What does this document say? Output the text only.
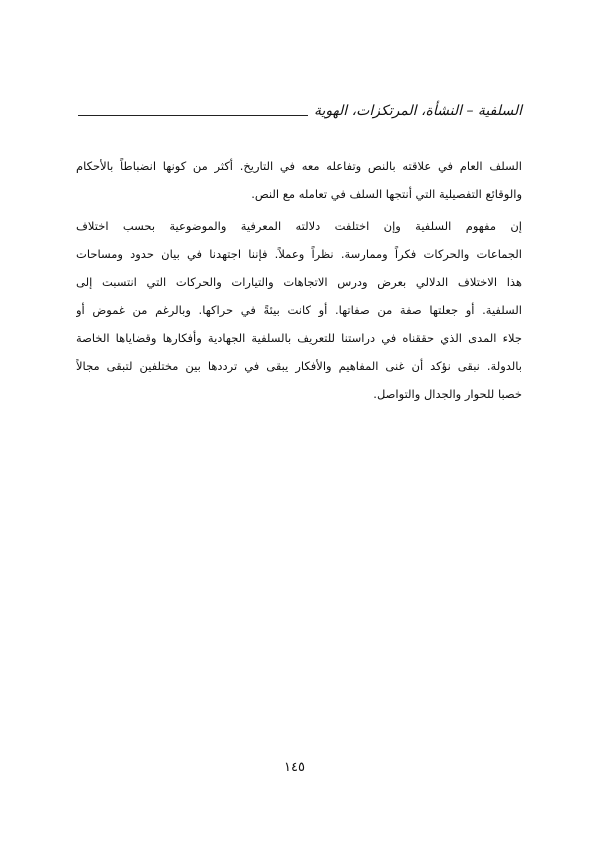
السلفية – النشأة، المرتكزات، الهوية
السلف العام في علاقته بالنص وتفاعله معه في التاريخ. أكثر من كونها انضباطاً بالأحكام
والوقائع التفصيلية التي أنتجها السلف في تعامله مع النص.
إن مفهوم السلفية وإن اختلفت دلالته المعرفية والموضوعية بحسب اختلاف
الجماعات والحركات فكراً وممارسة. نظراً وعملاً. فإننا اجتهدنا في بيان حدود ومساحات
هذا الاختلاف الدلالي بعرض ودرس الاتجاهات والتيارات والحركات التي انتسبت إلى
السلفية. أو جعلتها صفة من صفاتها. أو كانت بيئةً في حراكها. وبالرغم من غموض أو
جلاء المدى الذي حققناه في دراستنا للتعريف بالسلفية الجهادية وأفكارها وقضاياها الخاصة
بالدولة. نبقى نؤكد أن غنى المفاهيم والأفكار يبقى في ترددها بين مختلفين لتبقى مجالاً
خصبا للحوار والجدال والتواصل.
١٤٥
